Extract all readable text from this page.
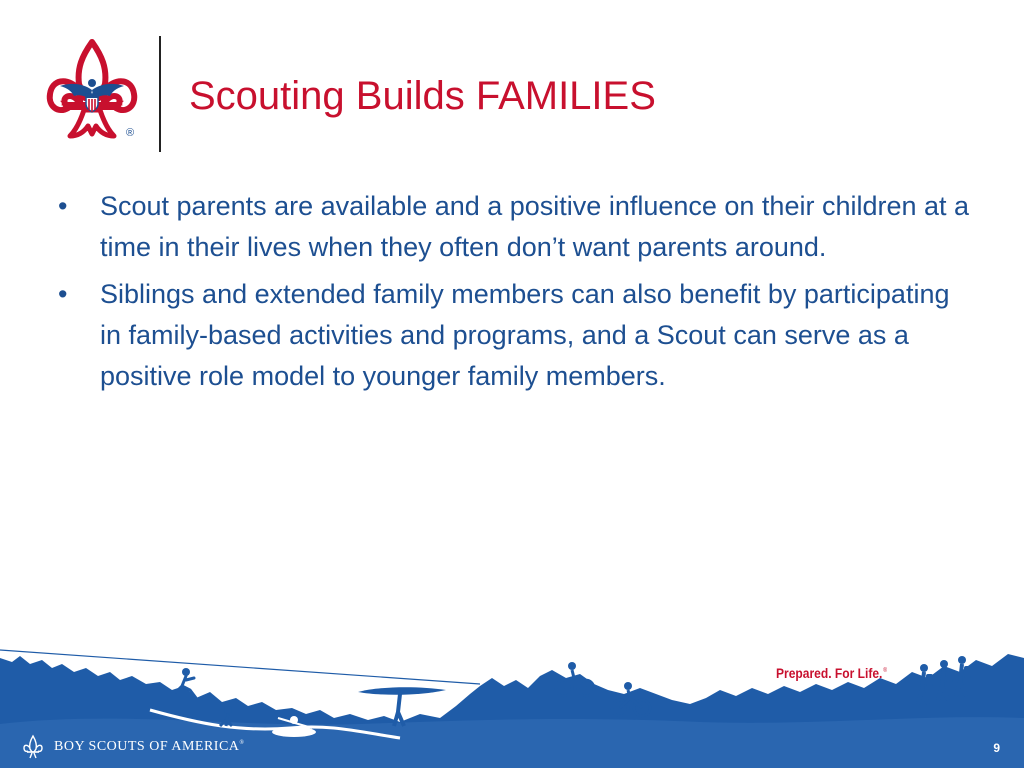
®
Scouting Builds FAMILIES
• Scout parents are available and a positive influence on their children at a time in their lives when they often don’t want parents around.
• Siblings and extended family members can also benefit by participating in family-based activities and programs, and a Scout can serve as a positive role model to younger family members.
Prepared. For Life.®
BOY SCOUTS OF AMERICA®	9
